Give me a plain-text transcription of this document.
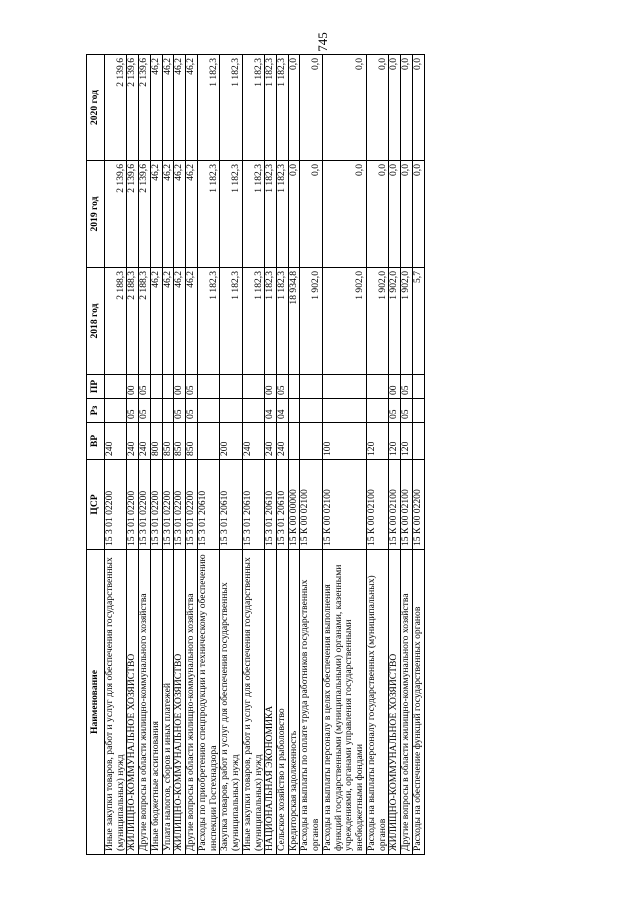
745
Наименование	ЦСР	ВР	Рз	ПР	2018 год	2019 год	2020 год
Иные закупки товаров, работ и услуг для обеспечения государственных (муниципальных) нужд	15 3 01 02200	240			2 188,3	2 139,6	2 139,6
ЖИЛИЩНО-КОММУНАЛЬНОЕ ХОЗЯЙСТВО	15 3 01 02200	240	05	00	2 188,3	2 139,6	2 139,6
Другие вопросы в области жилищно-коммунального хозяйства	15 3 01 02200	240	05	05	2 188,3	2 139,6	2 139,6
Иные бюджетные ассигнования	15 3 01 02200	800			46,2	46,2	46,2
Уплата налогов, сборов и иных платежей	15 3 01 02200	850			46,2	46,2	46,2
ЖИЛИЩНО-КОММУНАЛЬНОЕ ХОЗЯЙСТВО	15 3 01 02200	850	05	00	46,2	46,2	46,2
Другие вопросы в области жилищно-коммунального хозяйства	15 3 01 02200	850	05	05	46,2	46,2	46,2
Расходы по приобретению спецпродукции и техническому обеспечению инспекции Гостехнадзора	15 3 01 20610				1 182,3	1 182,3	1 182,3
Закупка товаров, работ и услуг для обеспечения государственных (муниципальных) нужд	15 3 01 20610	200			1 182,3	1 182,3	1 182,3
Иные закупки товаров, работ и услуг для обеспечения государственных (муниципальных) нужд	15 3 01 20610	240			1 182,3	1 182,3	1 182,3
НАЦИОНАЛЬНАЯ ЭКОНОМИКА	15 3 01 20610	240	04	00	1 182,3	1 182,3	1 182,3
Сельское хозяйство и рыболовство	15 3 01 20610	240	04	05	1 182,3	1 182,3	1 182,3
Кредиторская задолженность	15 К 00 00000				18 934,8	0,0	0,0
Расходы на выплаты по оплате труда работников государственных органов	15 К 00 02100				1 902,0	0,0	0,0
Расходы на выплаты персоналу в целях обеспечения выполнения функций государственными (муниципальными) органами, казенными учреждениями, органами управления государственными внебюджетными фондами	15 К 00 02100	100			1 902,0	0,0	0,0
Расходы на выплаты персоналу государственных (муниципальных) органов	15 К 00 02100	120			1 902,0	0,0	0,0
ЖИЛИЩНО-КОММУНАЛЬНОЕ ХОЗЯЙСТВО	15 К 00 02100	120	05	00	1 902,0	0,0	0,0
Другие вопросы в области жилищно-коммунального хозяйства	15 К 00 02100	120	05	05	1 902,0	0,0	0,0
Расходы на обеспечение функций государственных органов	15 К 00 02200				5,7	0,0	0,0
